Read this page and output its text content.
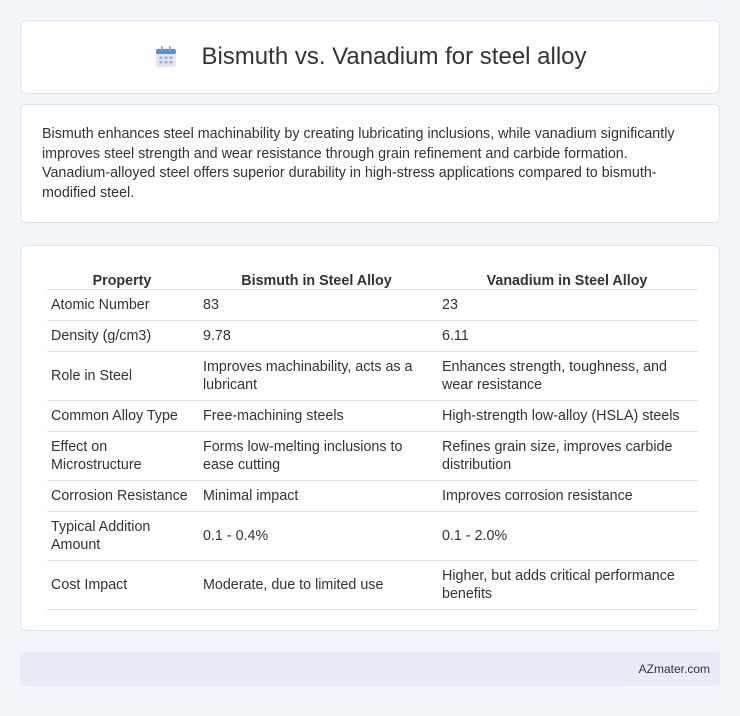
Bismuth vs. Vanadium for steel alloy

Bismuth enhances steel machinability by creating lubricating inclusions, while vanadium significantly improves steel strength and wear resistance through grain refinement and carbide formation. Vanadium-alloyed steel offers superior durability in high-stress applications compared to bismuth-modified steel.

Property	Bismuth in Steel Alloy	Vanadium in Steel Alloy
Atomic Number	83	23
Density (g/cm3)	9.78	6.11
Role in Steel	Improves machinability, acts as a lubricant	Enhances strength, toughness, and wear resistance
Common Alloy Type	Free-machining steels	High-strength low-alloy (HSLA) steels
Effect on Microstructure	Forms low-melting inclusions to ease cutting	Refines grain size, improves carbide distribution
Corrosion Resistance	Minimal impact	Improves corrosion resistance
Typical Addition Amount	0.1 - 0.4%	0.1 - 2.0%
Cost Impact	Moderate, due to limited use	Higher, but adds critical performance benefits
AZmater.com
